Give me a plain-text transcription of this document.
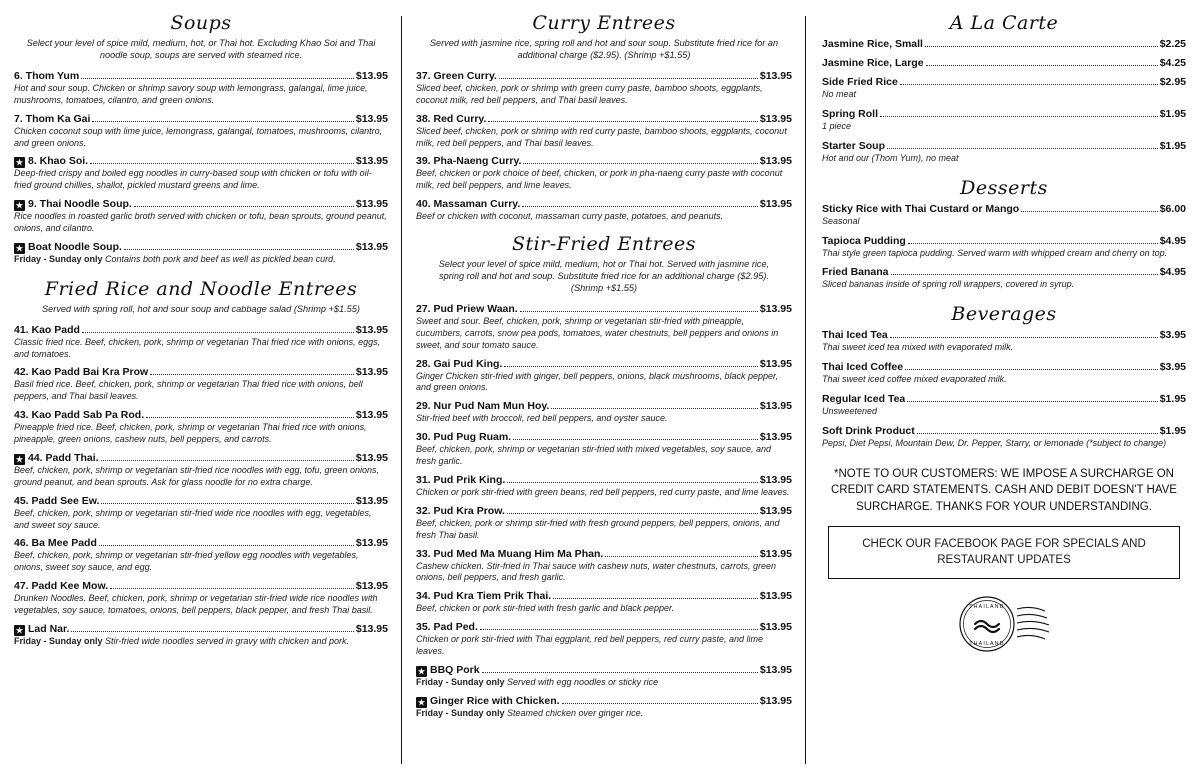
Soups
Select your level of spice mild, medium, hot, or Thai hot. Excluding Khao Soi and Thai noodle soup, soups are served with steamed rice.
6. Thom Yum	$13.95
Hot and sour soup. Chicken or shrimp savory soup with lemongrass, galangal, lime juice, mushrooms, tomatoes, cilantro, and green onions.
7. Thom Ka Gai	$13.95
Chicken coconut soup with lime juice, lemongrass, galangal, tomatoes, mushrooms, cilantro, and green onions.
★ 8. Khao Soi.	$13.95
Deep-fried crispy and boiled egg noodles in curry-based soup with chicken or tofu with oil-fried ground chillies, shallot, pickled mustard greens and lime.
★ 9. Thai Noodle Soup.	$13.95
Rice noodles in roasted garlic broth served with chicken or tofu, bean sprouts, ground peanut, onions, and cilantro.
★ Boat Noodle Soup.	$13.95
Friday - Sunday only Contains both pork and beef as well as pickled bean curd.
Fried Rice and Noodle Entrees
Served with spring roll, hot and sour soup and cabbage salad (Shrimp +$1.55)
41. Kao Padd	$13.95
Classic fried rice. Beef, chicken, pork, shrimp or vegetarian Thai fried rice with onions, eggs, and tomatoes.
42. Kao Padd Bai Kra Prow	$13.95
Basil fried rice. Beef, chicken, pork, shrimp or vegetarian Thai fried rice with onions, bell peppers, and Thai basil leaves.
43. Kao Padd Sab Pa Rod.	$13.95
Pineapple fried rice. Beef, chicken, pork, shrimp or vegetarian Thai fried rice with onions, pineapple, green onions, cashew nuts, bell peppers, and carrots.
★ 44. Padd Thai.	$13.95
Beef, chicken, pork, shrimp or vegetarian stir-fried rice noodles with egg, tofu, green onions, ground peanut, and bean sprouts. Ask for glass noodle for no extra charge.
45. Padd See Ew.	$13.95
Beef, chicken, pork, shrimp or vegetarian stir-fried wide rice noodles with egg, vegetables, and sweet soy sauce.
46. Ba Mee Padd	$13.95
Beef, chicken, pork, shrimp or vegetarian stir-fried yellow egg noodles with vegetables, onions, sweet soy sauce, and egg.
47. Padd Kee Mow.	$13.95
Drunken Noodles. Beef, chicken, pork, shrimp or vegetarian stir-fried wide rice noodles with vegetables, soy sauce, tomatoes, onions, bell peppers, black pepper, and fresh Thai basil.
★ Lad Nar.	$13.95
Friday - Sunday only Stir-fried wide noodles served in gravy with chicken and pork.
Curry Entrees
Served with jasmine rice, spring roll and hot and sour soup. Substitute fried rice for an additional charge ($2.95). (Shrimp +$1.55)
37. Green Curry.	$13.95
Sliced beef, chicken, pork or shrimp with green curry paste, bamboo shoots, eggplants, coconut milk, red bell peppers, and Thai basil leaves.
38. Red Curry.	$13.95
Sliced beef, chicken, pork or shrimp with red curry paste, bamboo shoots, eggplants, coconut milk, red bell peppers, and Thai basil leaves.
39. Pha-Naeng Curry.	$13.95
Beef, chicken or pork choice of beef, chicken, or pork in pha-naeng curry paste with coconut milk, red bell peppers, and lime leaves.
40. Massaman Curry.	$13.95
Beef or chicken with coconut, massaman curry paste, potatoes, and peanuts.
Stir-Fried Entrees
Select your level of spice mild, medium, hot or Thai hot. Served with jasmine rice, spring roll and hot and soup. Substitute fried rice for an additional charge ($2.95). (Shrimp +$1.55)
27. Pud Priew Waan.	$13.95
Sweet and sour. Beef, chicken, pork, shrimp or vegetarian stir-fried with pineapple, cucumbers, carrots, snow pea pods, tomatoes, water chestnuts, bell peppers and onions in sweet, and sour tomato sauce.
28. Gai Pud King.	$13.95
Ginger Chicken stir-fried with ginger, bell peppers, onions, black mushrooms, black pepper, and green onions.
29. Nur Pud Nam Mun Hoy.	$13.95
Stir-fried beef with broccoli, red bell peppers, and oyster sauce.
30. Pud Pug Ruam.	$13.95
Beef, chicken, pork, shrimp or vegetarian stir-fried with mixed vegetables, soy sauce, and fresh garlic.
31. Pud Prik King.	$13.95
Chicken or pork stir-fried with green beans, red bell peppers, red curry paste, and lime leaves.
32. Pud Kra Prow.	$13.95
Beef, chicken, pork or shrimp stir-fried with fresh ground peppers, bell peppers, onions, and fresh Thai basil.
33. Pud Med Ma Muang Him Ma Phan.	$13.95
Cashew chicken. Stir-fried in Thai sauce with cashew nuts, water chestnuts, carrots, green onions, bell peppers, and fresh garlic.
34. Pud Kra Tiem Prik Thai.	$13.95
Beef, chicken or pork stir-fried with fresh garlic and black pepper.
35. Pad Ped.	$13.95
Chicken or pork stir-fried with Thai eggplant, red bell peppers, red curry paste, and lime leaves.
★ BBQ Pork	$13.95
Friday - Sunday only Served with egg noodles or sticky rice
★ Ginger Rice with Chicken.	$13.95
Friday - Sunday only Steamed chicken over ginger rice.
A La Carte
Jasmine Rice, Small	$2.25
Jasmine Rice, Large	$4.25
Side Fried Rice	$2.95
No meat
Spring Roll	$1.95
1 piece
Starter Soup	$1.95
Hot and our (Thom Yum), no meat
Desserts
Sticky Rice with Thai Custard or Mango	$6.00
Seasonal
Tapioca Pudding	$4.95
Thai style green tapioca pudding. Served warm with whipped cream and cherry on top.
Fried Banana	$4.95
Sliced bananas inside of spring roll wrappers, covered in syrup.
Beverages
Thai Iced Tea	$3.95
Thai sweet iced tea mixed with evaporated milk.
Thai Iced Coffee	$3.95
Thai sweet iced coffee mixed evaporated milk.
Regular Iced Tea	$1.95
Unsweetened
Soft Drink Product	$1.95
Pepsi, Diet Pepsi, Mountain Dew, Dr. Pepper, Starry, or lemonade (*subject to change)
*NOTE TO OUR CUSTOMERS: WE IMPOSE A SURCHARGE ON CREDIT CARD STATEMENTS. CASH AND DEBIT DOESN'T HAVE SURCHARGE. THANKS FOR YOUR UNDERSTANDING.
CHECK OUR FACEBOOK PAGE FOR SPECIALS AND RESTAURANT UPDATES
THAILAND
THAILAND
